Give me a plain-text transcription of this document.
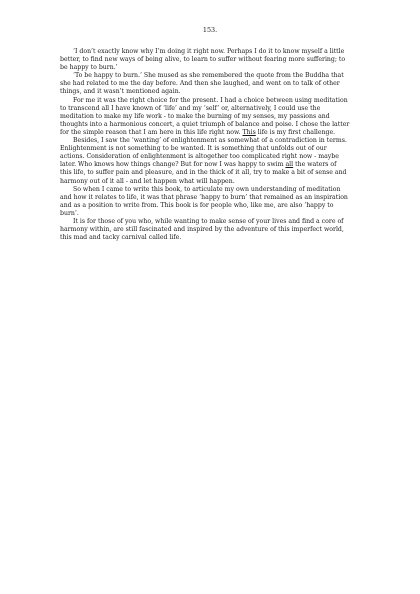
153.

‘I don’t exactly know why I’m doing it right now. Perhaps I do it to know myself a little better, to find new ways of being alive, to learn to suffer without fearing more suffering; to be happy to burn.’

‘To be happy to burn.’ She mused as she remembered the quote from the Buddha that she had related to me the day before. And then she laughed, and went on to talk of other things, and it wasn’t mentioned again.

For me it was the right choice for the present. I had a choice between using meditation to transcend all I have known of ‘life’ and my ‘self’ or, alternatively, I could use the meditation to make my life work - to make the burning of my senses, my passions and thoughts into a harmonious concert, a quiet triumph of balance and poise. I chose the latter for the simple reason that I am here in this life right now. This life is my first challenge.

Besides, I saw the ‘wanting’ of enlightenment as somewhat of a contradiction in terms. Enlightenment is not something to be wanted. It is something that unfolds out of our actions. Consideration of enlightenment is altogether too complicated right now - maybe later. Who knows how things change? But for now I was happy to swim all the waters of this life, to suffer pain and pleasure, and in the thick of it all, try to make a bit of sense and harmony out of it all - and let happen what will happen.

So when I came to write this book, to articulate my own understanding of meditation and how it relates to life, it was that phrase ‘happy to burn’ that remained as an inspiration and as a position to write from. This book is for people who, like me, are also ‘happy to burn’.

It is for those of you who, while wanting to make sense of your lives and find a core of harmony within, are still fascinated and inspired by the adventure of this imperfect world, this mad and tacky carnival called life.
